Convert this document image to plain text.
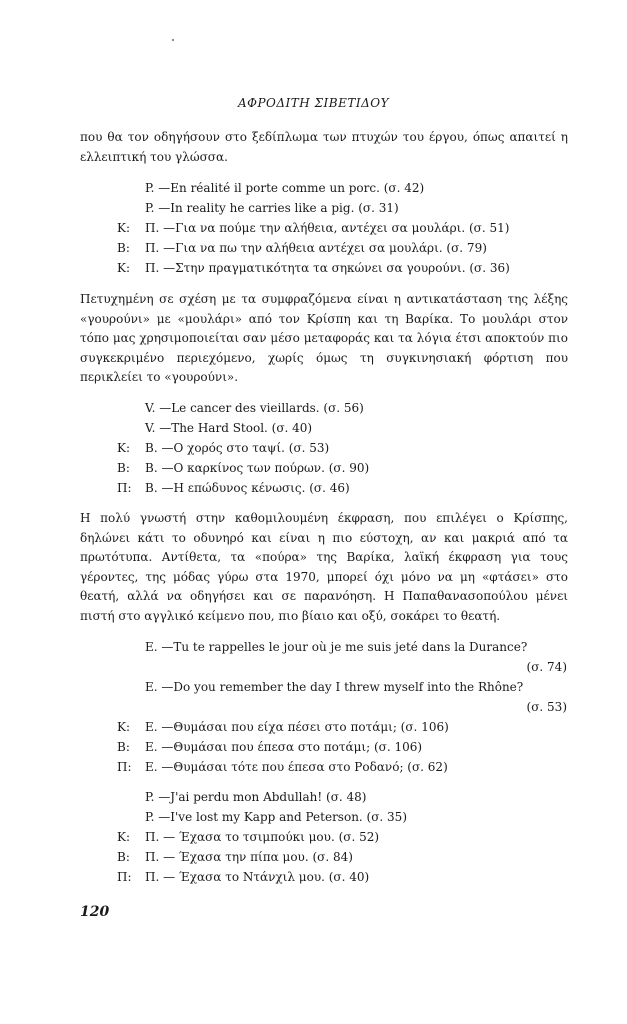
ΑΦΡΟΔΙΤΗ ΣΙΒΕΤΙΔΟΥ
που θα τον οδηγήσουν στο ξεδίπλωμα των πτυχών του έργου, όπως απαιτεί η ελλειπτική του γλώσσα.
P. —En réalité il porte comme un porc. (σ. 42)
P. —In reality he carries like a pig. (σ. 31)
Κ: Π. —Για να πούμε την αλήθεια, αντέχει σα μουλάρι. (σ. 51)
Β: Π. —Για να πω την αλήθεια αντέχει σα μουλάρι. (σ. 79)
Κ: Π. —Στην πραγματικότητα τα σηκώνει σα γουρούνι. (σ. 36)
Πετυχημένη σε σχέση με τα συμφραζόμενα είναι η αντικατάσταση της λέξης «γουρούνι» με «μουλάρι» από τον Κρίσπη και τη Βαρίκα. Το μουλάρι στον τόπο μας χρησιμοποιείται σαν μέσο μεταφοράς και τα λόγια έτσι αποκτούν πιο συγκεκριμένο περιεχόμενο, χωρίς όμως τη συγκινησιακή φόρτιση που περικλείει το «γουρούνι».
V. —Le cancer des vieillards. (σ. 56)
V. —The Hard Stool. (σ. 40)
Κ: Β. —Ο χορός στο ταψί. (σ. 53)
Β: Β. —Ο καρκίνος των πούρων. (σ. 90)
Π: Β. —Η επώδυνος κένωσις. (σ. 46)
Η πολύ γνωστή στην καθομιλουμένη έκφραση, που επιλέγει ο Κρίσπης, δηλώνει κάτι το οδυνηρό και είναι η πιο εύστοχη, αν και μακριά από τα πρωτότυπα. Αντίθετα, τα «πούρα» της Βαρίκα, λαϊκή έκφραση για τους γέροντες, της μόδας γύρω στα 1970, μπορεί όχι μόνο να μη «φτάσει» στο θεατή, αλλά να οδηγήσει και σε παρανόηση. Η Παπαθανασοπούλου μένει πιστή στο αγγλικό κείμενο που, πιο βίαιο και οξύ, σοκάρει το θεατή.
E. —Tu te rappelles le jour où je me suis jeté dans la Durance?
(σ. 74)
E. —Do you remember the day I threw myself into the Rhône?
(σ. 53)
Κ: Ε. —Θυμάσαι που είχα πέσει στο ποτάμι; (σ. 106)
Β: Ε. —Θυμάσαι που έπεσα στο ποτάμι; (σ. 106)
Π: Ε. —Θυμάσαι τότε που έπεσα στο Ροδανό; (σ. 62)
P. —J'ai perdu mon Abdullah! (σ. 48)
P. —I've lost my Kapp and Peterson. (σ. 35)
Κ: Π. — Έχασα το τσιμπούκι μου. (σ. 52)
Β: Π. — Έχασα την πίπα μου. (σ. 84)
Π: Π. — Έχασα το Ντάνχιλ μου. (σ. 40)
120
